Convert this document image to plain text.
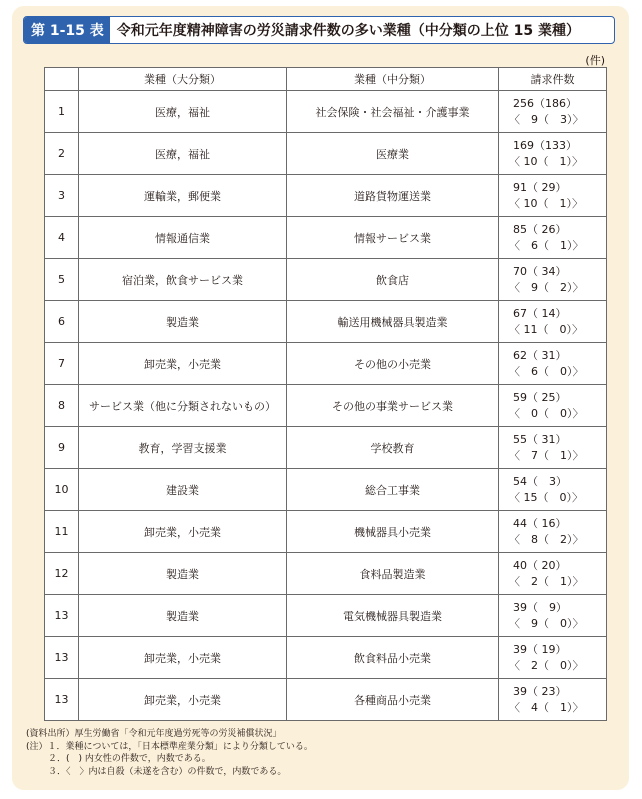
第 1-15 表 令和元年度精神障害の労災請求件数の多い業種（中分類の上位 15 業種）
(件)
	業種（大分類）	業種（中分類）	請求件数
1	医療，福祉	社会保険・社会福祉・介護事業	256（186）
〈　9（　3）〉

2	医療，福祉	医療業	169（133）
〈 10（　1）〉

3	運輸業，郵便業	道路貨物運送業	91（ 29）
〈 10（　1）〉

4	情報通信業	情報サービス業	85（ 26）
〈　6（　1）〉

5	宿泊業，飲食サービス業	飲食店	70（ 34）
〈　9（　2）〉

6	製造業	輸送用機械器具製造業	67（ 14）
〈 11（　0）〉

7	卸売業，小売業	その他の小売業	62（ 31）
〈　6（　0）〉

8	サービス業（他に分類されないもの）	その他の事業サービス業	59（ 25）
〈　0（　0）〉

9	教育，学習支援業	学校教育	55（ 31）
〈　7（　1）〉

10	建設業	総合工事業	54（　3）
〈 15（　0）〉

11	卸売業，小売業	機械器具小売業	44（ 16）
〈　8（　2）〉

12	製造業	食料品製造業	40（ 20）
〈　2（　1）〉

13	製造業	電気機械器具製造業	39（　9）
〈　9（　0）〉

13	卸売業，小売業	飲食料品小売業	39（ 19）
〈　2（　0）〉

13	卸売業，小売業	各種商品小売業	39（ 23）
〈　4（　1）〉
(資料出所）厚生労働省「令和元年度過労死等の労災補償状況」
(注）１．業種については，「日本標準産業分類」により分類している。
２．(　) 内女性の件数で，内数である。
３．〈　〉内は自殺（未遂を含む）の件数で，内数である。
